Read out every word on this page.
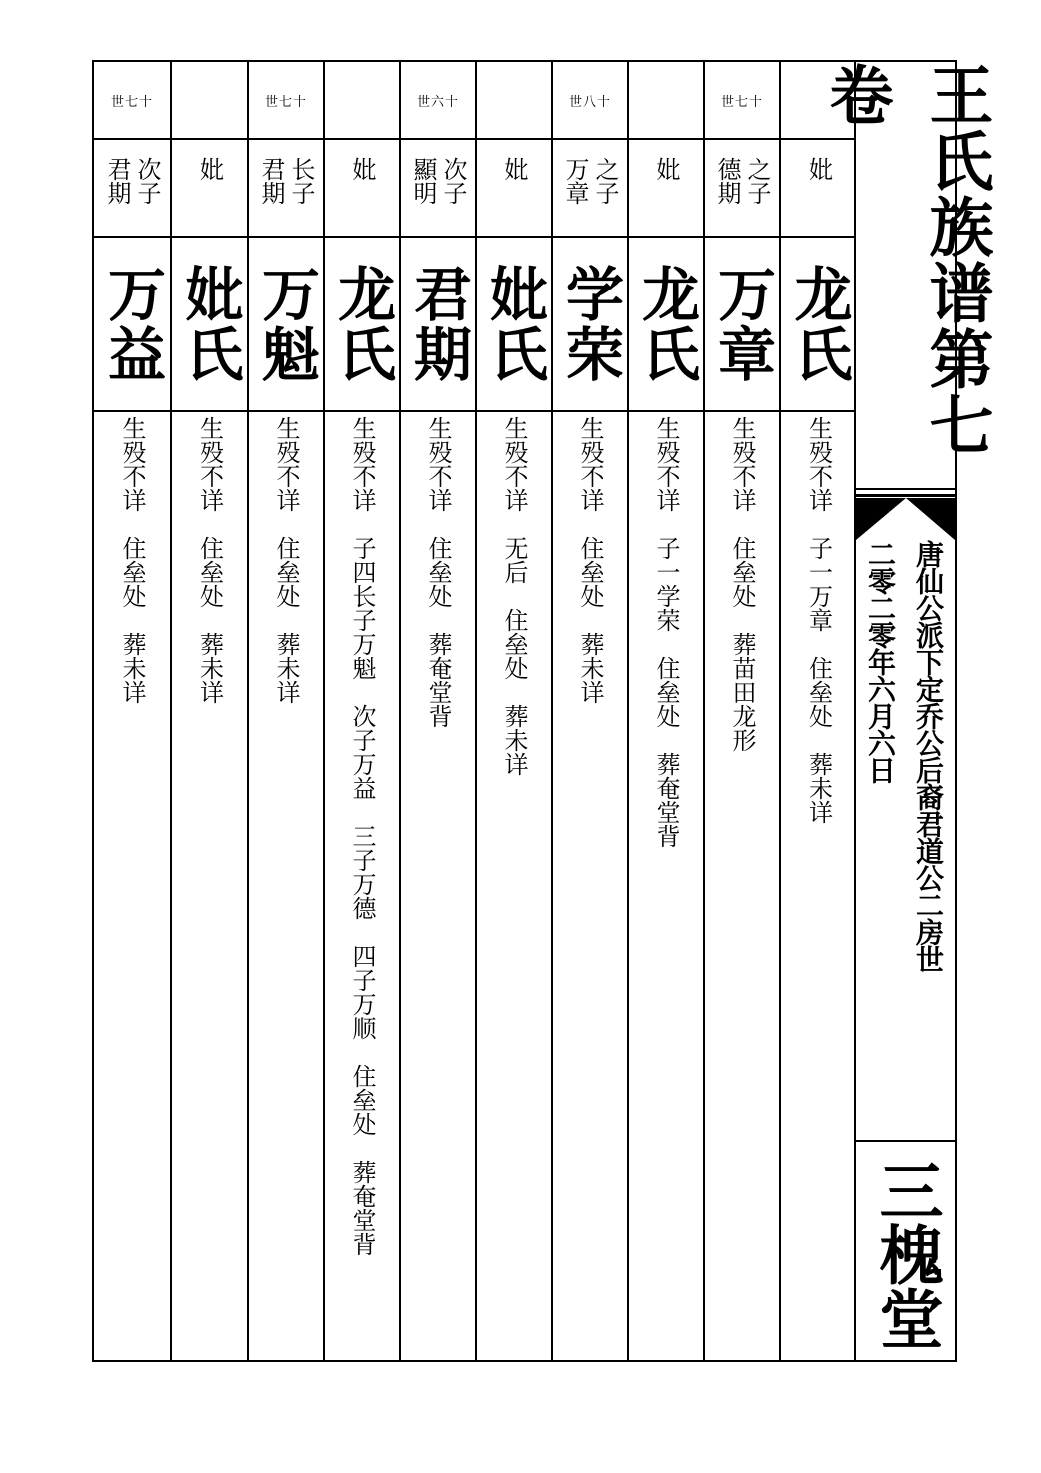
世七十
次子君期
万益
生殁不详　住垒处　葬未详
妣
妣氏
生殁不详　住垒处　葬未详
世七十
长子君期
万魁
生殁不详　住垒处　葬未详
妣
龙氏
生殁不详　子四长子万魁　次子万益　三子万德　四子万顺　住垒处　葬奄堂背
世六十
次子顯明
君期
生殁不详　住垒处　葬奄堂背
妣
妣氏
生殁不详　无后　住垒处　葬未详
世八十
之子万章
学荣
生殁不详　住垒处　葬未详
妣
龙氏
生殁不详　子一学荣　住垒处　葬奄堂背
世七十
之子德期
万章
生殁不详　住垒处　葬苗田龙形
妣
龙氏
生殁不详　子一万章　住垒处　葬未详
王氏族谱第七卷
唐仙公派下定乔公后裔君道公二房世
二零二零年六月六日
三槐堂
